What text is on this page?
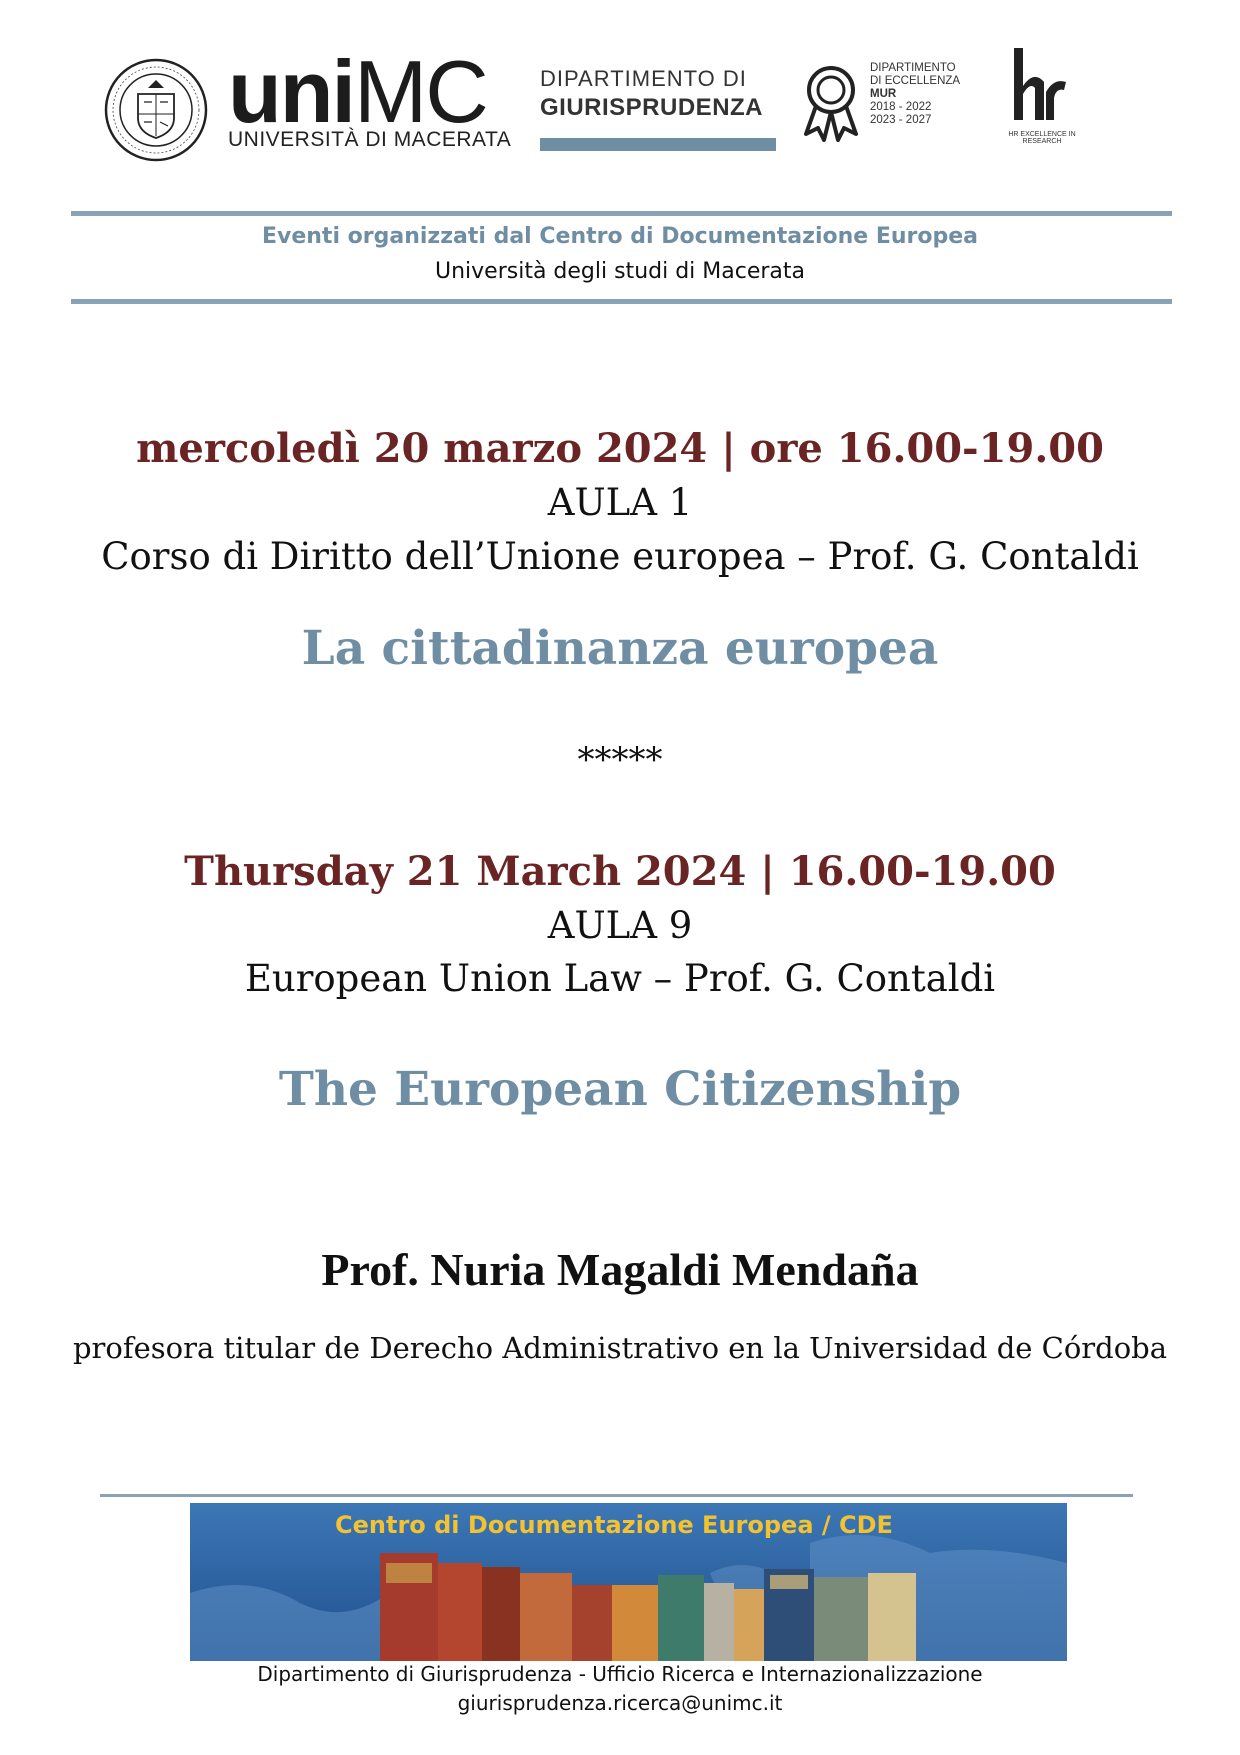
uniMC
UNIVERSITÀ DI MACERATA
DIPARTIMENTO DI
GIURISPRUDENZA
DIPARTIMENTO
DI ECCELLENZA
MUR
2018 - 2022
2023 - 2027
HR EXCELLENCE IN RESEARCH
Eventi organizzati dal Centro di Documentazione Europea
Università degli studi di Macerata
mercoledì 20 marzo 2024 | ore 16.00-19.00
AULA 1
Corso di Diritto dell’Unione europea – Prof. G. Contaldi
La cittadinanza europea
*****
Thursday 21 March 2024 | 16.00-19.00
AULA 9
European Union Law – Prof. G. Contaldi
The European Citizenship
Prof. Nuria Magaldi Mendaña
profesora titular de Derecho Administrativo en la Universidad de Córdoba
Centro di Documentazione Europea / CDE
Dipartimento di Giurisprudenza - Ufficio Ricerca e Internazionalizzazione
giurisprudenza.ricerca@unimc.it
